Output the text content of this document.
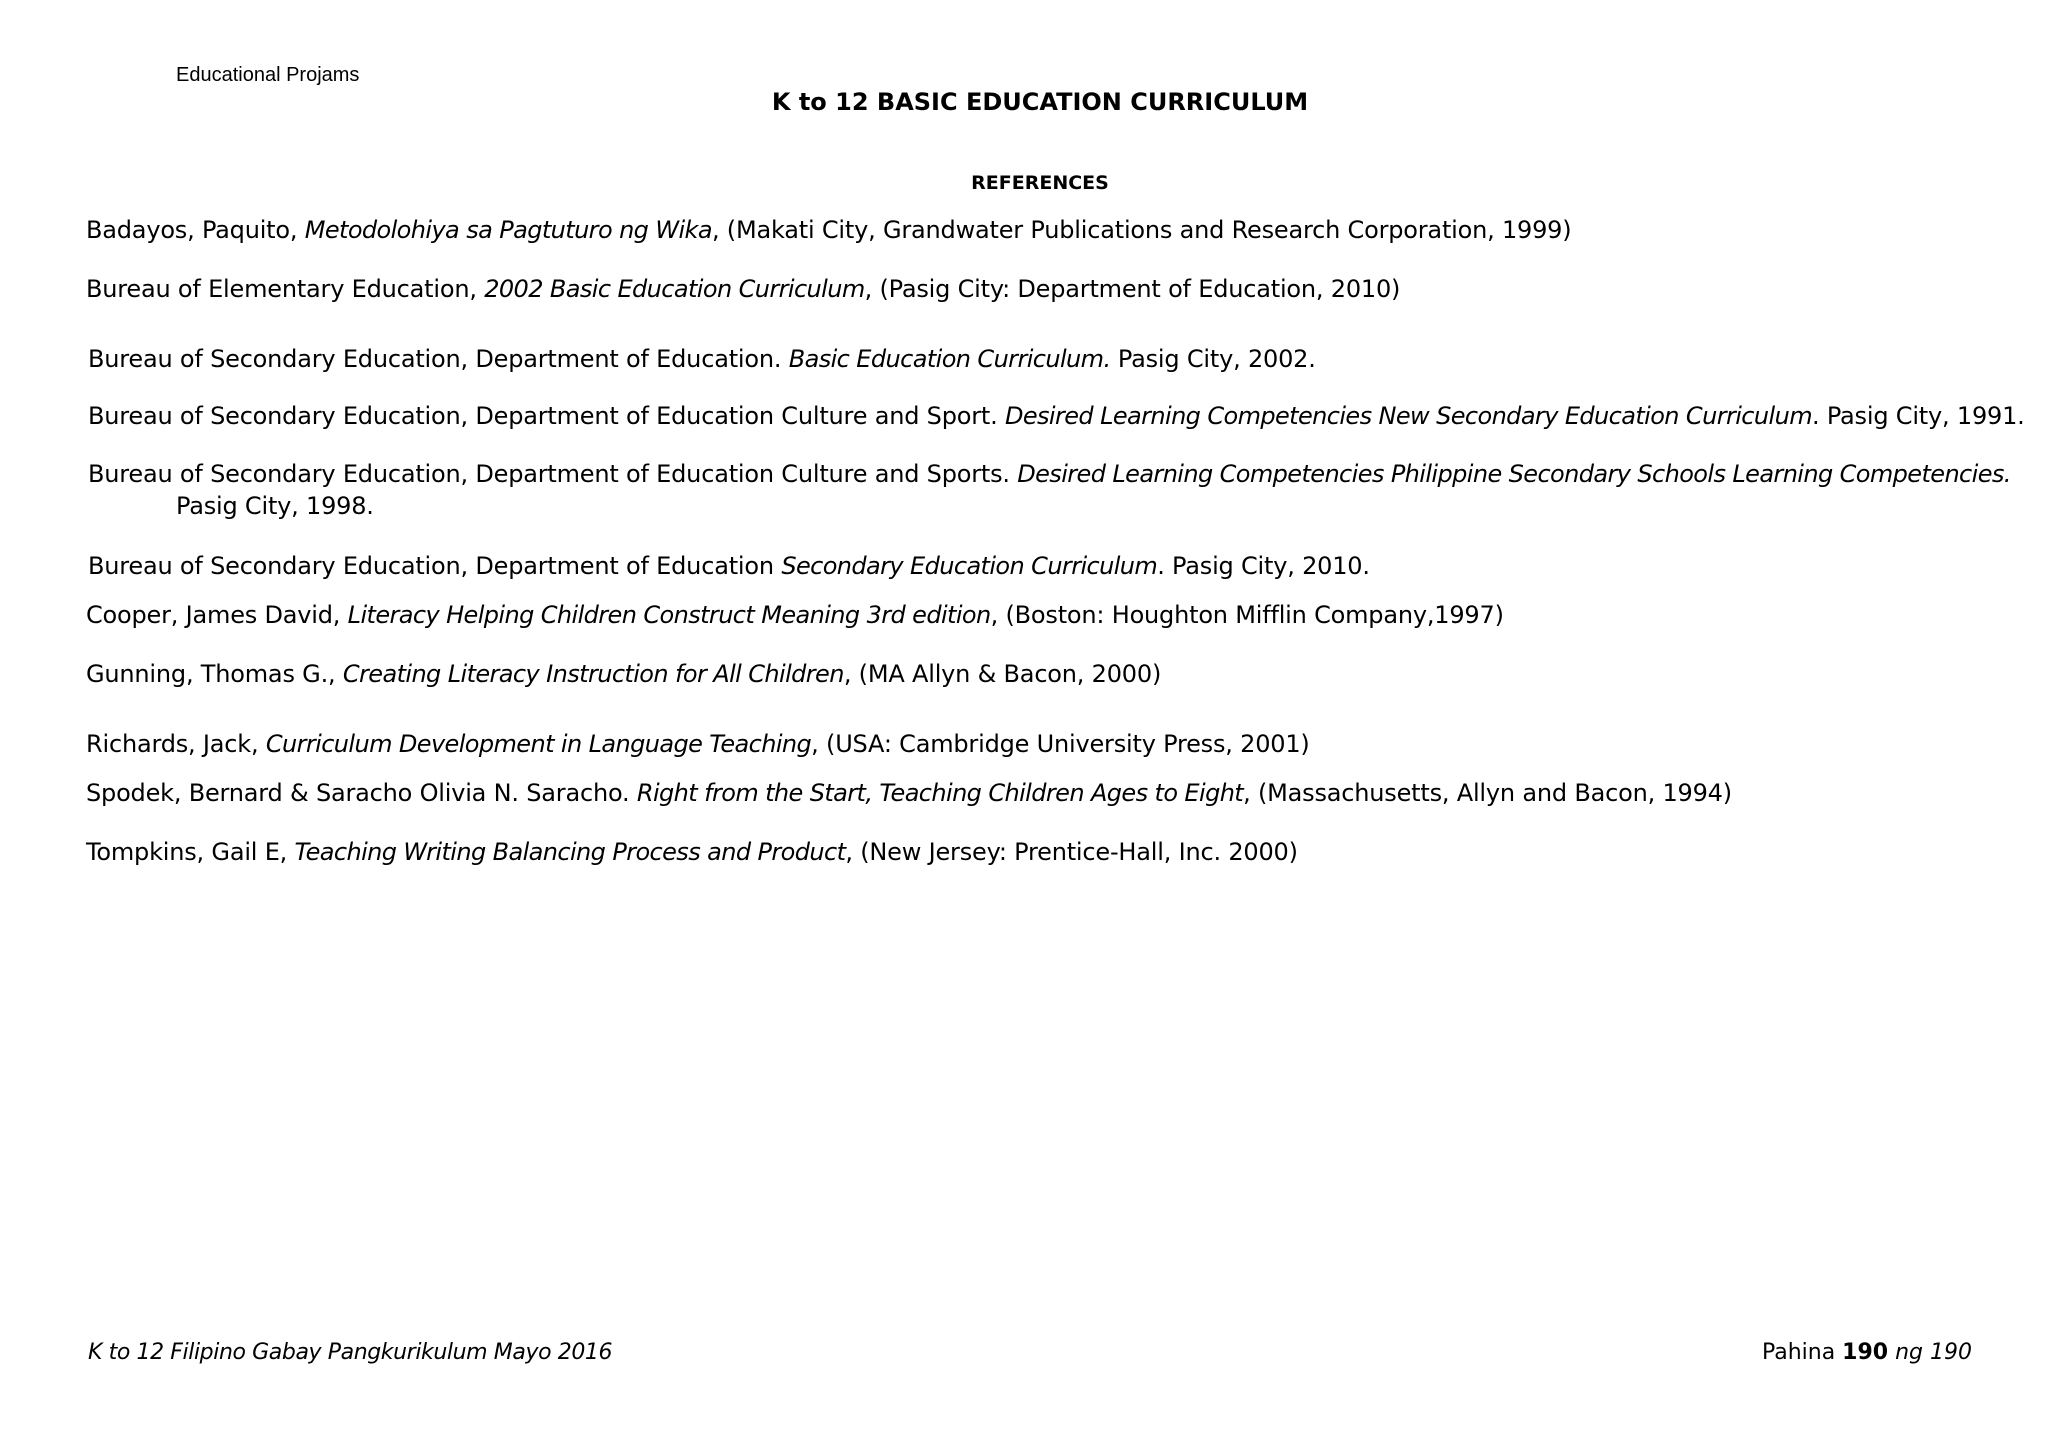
Educational Projams
K to 12 BASIC EDUCATION CURRICULUM
REFERENCES
Badayos, Paquito, Metodolohiya sa Pagtuturo ng Wika, (Makati City, Grandwater Publications and Research Corporation, 1999)
Bureau of Elementary Education, 2002 Basic Education Curriculum, (Pasig City: Department of Education, 2010)
Bureau of Secondary Education, Department of Education. Basic Education Curriculum. Pasig City, 2002.
Bureau of Secondary Education, Department of Education Culture and Sport. Desired Learning Competencies New Secondary Education Curriculum. Pasig City, 1991.
Bureau of Secondary Education, Department of Education Culture and Sports. Desired Learning Competencies Philippine Secondary Schools Learning Competencies.
Pasig City, 1998.
Bureau of Secondary Education, Department of Education Secondary Education Curriculum. Pasig City, 2010.
Cooper, James David, Literacy Helping Children Construct Meaning 3rd edition, (Boston: Houghton Mifflin Company,1997)
Gunning, Thomas G., Creating Literacy Instruction for All Children, (MA Allyn & Bacon, 2000)
Richards, Jack, Curriculum Development in Language Teaching, (USA: Cambridge University Press, 2001)
Spodek, Bernard & Saracho Olivia N. Saracho. Right from the Start, Teaching Children Ages to Eight, (Massachusetts, Allyn and Bacon, 1994)
Tompkins, Gail E, Teaching Writing Balancing Process and Product, (New Jersey: Prentice-Hall, Inc. 2000)
K to 12 Filipino Gabay Pangkurikulum Mayo 2016	Pahina 190 ng 190
